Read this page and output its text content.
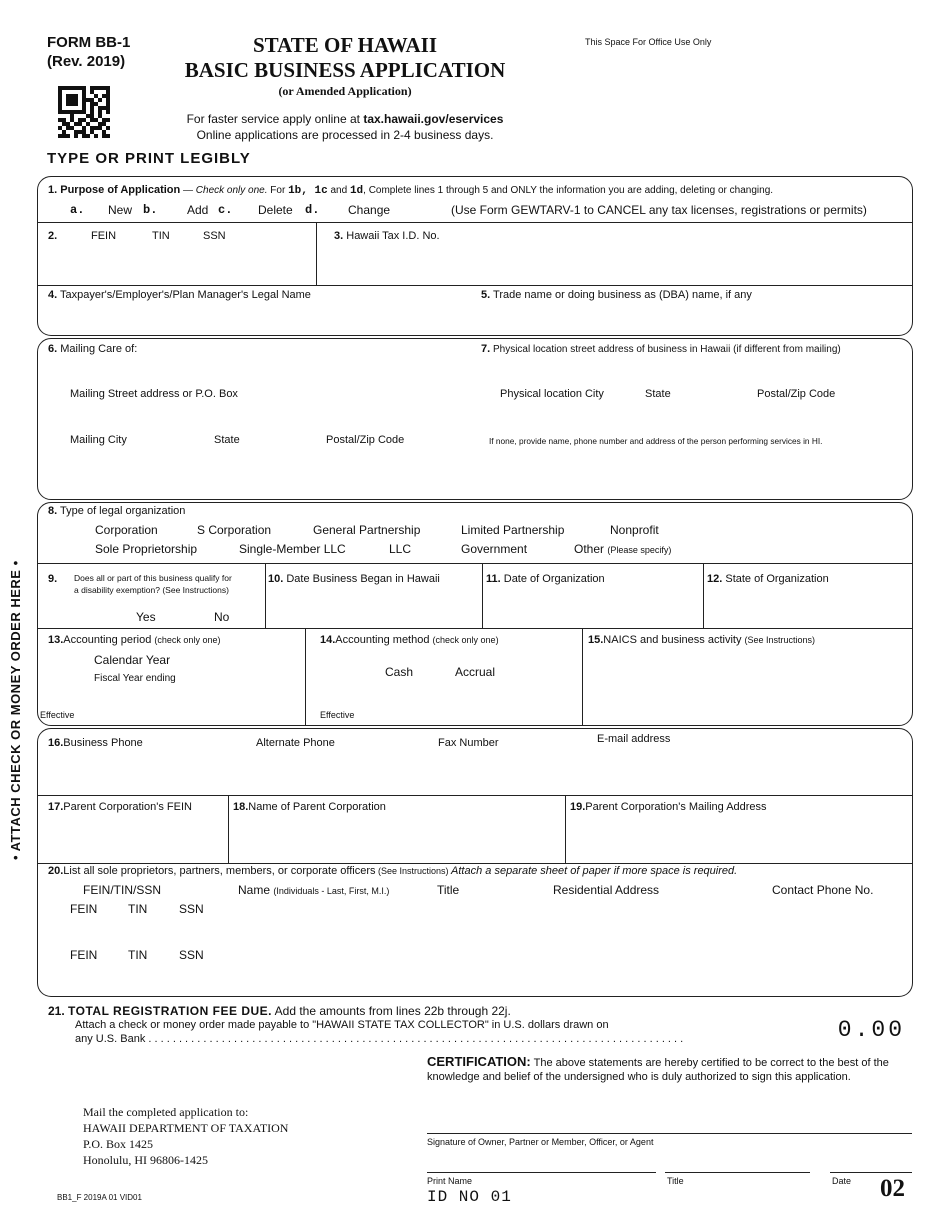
FORM BB-1
(Rev. 2019)
STATE OF HAWAII
BASIC BUSINESS APPLICATION
(or Amended Application)
This Space For Office Use Only
For faster service apply online at tax.hawaii.gov/eservices
Online applications are processed in 2-4 business days.
TYPE OR PRINT LEGIBLY
• ATTACH CHECK OR MONEY ORDER HERE •
1. Purpose of Application — Check only one. For 1b, 1c and 1d, Complete lines 1 through 5 and ONLY the information you are adding, deleting or changing.
a. New b. Add c. Delete d. Change	(Use Form GEWTARV-1 to CANCEL any tax licenses, registrations or permits)
2.	FEIN	TIN	SSN	3. Hawaii Tax I.D. No.
4. Taxpayer's/Employer's/Plan Manager's Legal Name	5. Trade name or doing business as (DBA) name, if any
6. Mailing Care of:
Mailing Street address or P.O. Box
Mailing City	State	Postal/Zip Code
7. Physical location street address of business in Hawaii (if different from mailing)
Physical location City	State	Postal/Zip Code
If none, provide name, phone number and address of the person performing services in HI.
8. Type of legal organization
Corporation	S Corporation	General Partnership	Limited Partnership	Nonprofit
Sole Proprietorship	Single-Member LLC	LLC	Government	Other (Please specify)
9. Does all or part of this business qualify for
a disability exemption? (See Instructions)
Yes	No
10. Date Business Began in Hawaii	11. Date of Organization	12. State of Organization
13.Accounting period (check only one)
Calendar Year
Fiscal Year ending
Effective
14.Accounting method (check only one)
Cash	Accrual
Effective
15.NAICS and business activity (See Instructions)
16.Business Phone	Alternate Phone	Fax Number	E-mail address
17.Parent Corporation's FEIN	18.Name of Parent Corporation	19.Parent Corporation's Mailing Address
20.List all sole proprietors, partners, members, or corporate officers (See Instructions) Attach a separate sheet of paper if more space is required.
FEIN/TIN/SSN	Name (Individuals - Last, First, M.I.)	Title	Residential Address	Contact Phone No.
FEIN	TIN	SSN
FEIN	TIN	SSN
21. TOTAL REGISTRATION FEE DUE. Add the amounts from lines 22b through 22j.
Attach a check or money order made payable to "HAWAII STATE TAX COLLECTOR" in U.S. dollars drawn on
any U.S. Bank . . . . . . . . . . . . . . . . . . . . . . . . . . . . . . . . . . . . . . . . . . . . . . . . . . . . . . . . . . . . . . . . . . . . . . . . . . . . . . . . . . . . . . . .	0.00
CERTIFICATION: The above statements are hereby certified to be correct to the best of the knowledge and belief of the undersigned who is duly authorized to sign this application.
Signature of Owner, Partner or Member, Officer, or Agent
Print Name	Title	Date
ID NO 01
Mail the completed application to:
HAWAII DEPARTMENT OF TAXATION
P.O. Box 1425
Honolulu, HI 96806-1425
BB1_F 2019A 01 VID01	02
